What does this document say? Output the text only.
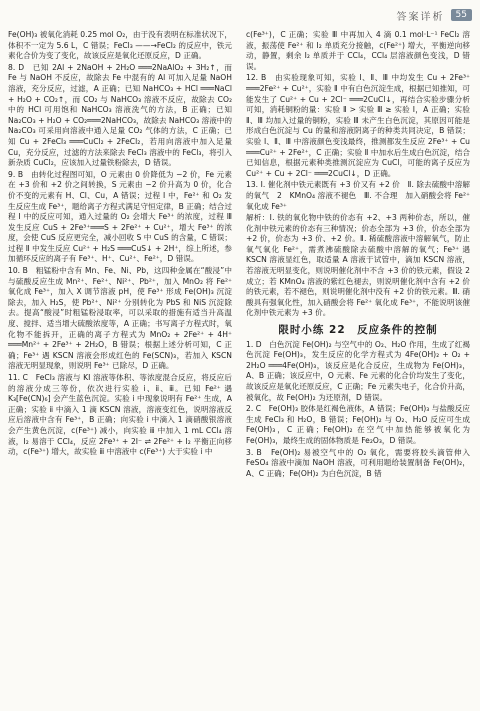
答案详析	55

Fe(OH)₃ 被氧化消耗 0.25 mol O₂，由于没有表明在标准状况下，体积不一定为 5.6 L，C 错误；FeCl₃ ——→FeCl₂ 的反应中，铁元素化合价为变了变化，故该反应是氧化还原反应，D 正确。

8. D　已知 2Al + 2NaOH + 2H₂O ═══2NaAlO₂ + 3H₂↑，而 Fe 与 NaOH 不反应，故除去 Fe 中混有的 Al 可加入足量 NaOH 溶液，充分反应，过滤，A 正确；已知 NaHCO₃ + HCl ═══NaCl + H₂O + CO₂↑，而 CO₂ 与 NaHCO₃ 溶液不反应，故除去 CO₂ 中的 HCl 可用饱和 NaHCO₃ 溶液洗气的方法，B 正确；已知 Na₂CO₃ + H₂O + CO₂═══2NaHCO₃，故除去 NaHCO₃ 溶液中的 Na₂CO₃ 可采用向溶液中通入足量 CO₂ 气体的方法，C 正确；已知 Cu + 2FeCl₃ ═══CuCl₂ + 2FeCl₂，若用向溶液中加入足量 Cu，充分反应，过滤的方法来除去 FeCl₃ 溶液中的 FeCl₃，将引入新杂质 CuCl₂，应该加入过量铁粉除去，D 错误。

9. B　由转化过程图可知，O 元素由 0 价降低为 −2 价，Fe 元素在 +3 价和 +2 价之间转换，S 元素由 −2 价升高为 0 价，化合价不变的元素有 H、Cl、Cu，A 错误；过程 Ⅰ 中，Fe²⁺ 和 O₂ 发生反应生成 Fe³⁺，题给离子方程式满足守恒定律，B 正确；结合过程 Ⅰ 中的反应可知，通入过量的 O₂ 会增大 Fe³⁺ 的浓度，过程 Ⅲ 发生反应 CuS + 2Fe³⁺═══S + 2Fe²⁺ + Cu²⁺，增大 Fe³⁺ 的浓度，会使 CuS 反应更完全，减小回收 S 中 CuS 的含量，C 错误；过程 Ⅱ 中发生反应 Cu²⁺ + H₂S ═══CuS↓ + 2H⁺，综上所述，参加循环反应的离子有 Fe³⁺、H⁺、Cu²⁺、Fe²⁺，D 错误。

10. B　粗锰粉中含有 Mn、Fe、Ni、Pb，这四种金属在“酸浸”中与硫酸反应生成 Mn²⁺、Fe²⁺、Ni²⁺、Pb²⁺，加入 MnO₂ 将 Fe²⁺ 氧化成 Fe³⁺，加入 X 调节溶液 pH，使 Fe³⁺ 形成 Fe(OH)₃ 沉淀除去，加入 H₂S，使 Pb²⁺、Ni²⁺ 分别转化为 PbS 和 NiS 沉淀除去。提高“酸浸”时粗锰粉浸取率，可以采取的措施有适当升高温度、搅拌、适当增大硫酸浓度等，A 正确；书写离子方程式时，氧化物不能拆开，正确的离子方程式为 MnO₂ + 2Fe²⁺ + 4H⁺ ═══Mn²⁺ + 2Fe³⁺ + 2H₂O，B 错误；根据上述分析可知，C 正确；Fe³⁺ 遇 KSCN 溶液会形成红色的 Fe(SCN)₃，若加入 KSCN 溶液无明显现象，则说明 Fe³⁺ 已除尽，D 正确。

11. C　FeCl₃ 溶液与 KI 溶液等体积、等浓度混合反应，将反应后的溶液分成三等份，依次进行实验 ⅰ、ⅱ、ⅲ。已知 Fe²⁺ 遇 K₃[Fe(CN)₆] 会产生蓝色沉淀。实验 ⅰ 中现象说明有 Fe²⁺ 生成，A 正确；实验 ⅱ 中滴入 1 滴 KSCN 溶液，溶液变红色，说明溶液反应后溶液中含有 Fe³⁺，B 正确；向实验 ⅰ 中滴入 1 滴硝酸银溶液会产生黄色沉淀，c(Fe³⁺) 减小，向实验 ⅲ 中加入 1 mL CCl₄ 溶液，I₂ 易溶于 CCl₄，反应 2Fe³⁺ + 2I⁻ ⇌ 2Fe²⁺ + I₂ 平衡正向移动，c(Fe³⁺) 增大，故实验 ⅲ 中溶液中 c(Fe³⁺) 大于实验 ⅰ 中

c(Fe³⁺)，C 正确；实验 Ⅲ 中再加入 4 滴 0.1 mol·L⁻¹ FeCl₂ 溶液，振荡使 Fe²⁺ 和 I₂ 单质充分接触，c(Fe²⁺) 增大，平衡逆向移动，静置，剩余 I₂ 单质并于 CCl₄，CCl₄ 层溶液颜色变浅，D 错误。

12. B　由实验现象可知，实验 Ⅰ、Ⅱ、Ⅲ 中均发生 Cu + 2Fe³⁺ ═══2Fe²⁺ + Cu²⁺，实验 Ⅱ 中有白色沉淀生成，根据已知推知，可能发生了 Cu²⁺ + Cu + 2Cl⁻ ═══2CuCl↓，再结合实验步骤分析可知，消耗铜粉的量：实验 Ⅱ > 实验 Ⅲ ≥ 实验 Ⅰ，A 正确；实验 Ⅱ、Ⅲ 均加入过量的铜粉，实验 Ⅲ 未产生白色沉淀，其原因可能是形成白色沉淀与 Cu 的量和溶液阴离子的种类共同决定，B 错误；实验 Ⅰ、Ⅱ、Ⅲ 中溶液颜色变浅最终，推测都发生反应 2Fe³⁺ + Cu ═══Cu²⁺ + 2Fe²⁺，C 正确；实验 Ⅱ 中加水后生成白色沉淀，结合已知信息，根据元素种类推测沉淀应为 CuCl，可能的离子反应为 Cu²⁺ + Cu + 2Cl⁻ ═══2CuCl↓，D 正确。

13. Ⅰ. 催化剂中铁元素既有 +3 价又有 +2 价　Ⅱ. 除去硫酸中溶解的氧气　2　KMnO₄ 溶液不褪色　Ⅲ. 不合理　加入硝酸会将 Fe²⁺ 氧化成 Fe³⁺

解析：Ⅰ. 铁的氧化物中铁的价态有 +2、+3 两种价态，所以，催化剂中铁元素的价态有三种情况；价态全部为 +3 价，价态全部为 +2 价，价态为 +3 价、+2 价。Ⅱ. 稀硫酸溶液中溶解氧气，防止氧气氧化 Fe²⁺，需煮沸硫酸除去硫酸中溶解的氧气；Fe³⁺ 遇 KSCN 溶液显红色，取适量 A 溶液于试管中，滴加 KSCN 溶液，若溶液无明显变化，则说明催化剂中不含 +3 价的铁元素，假设 2 成立；若 KMnO₄ 溶液的紫红色褪去，则说明催化剂中含有 +2 价的铁元素，若不褪色，则说明催化剂中没有 +2 价的铁元素。Ⅲ. 硝酸具有强氧化性，加入硝酸会将 Fe²⁺ 氧化成 Fe³⁺，不能说明该催化剂中铁元素为 +3 价。

限时小练 22　反应条件的控制

1. D　白色沉淀 Fe(OH)₂ 与空气中的 O₂、H₂O 作用，生成了红褐色沉淀 Fe(OH)₃，发生反应的化学方程式为 4Fe(OH)₂ + O₂ + 2H₂O ═══4Fe(OH)₃，该反应是化合反应，生成物为 Fe(OH)₃，A、B 正确；该反应中，O 元素、Fe 元素的化合价均发生了变化，故该反应是氧化还原反应，C 正确；Fe 元素失电子，化合价升高，被氧化，故 Fe(OH)₂ 为还原剂，D 错误。

2. C　Fe(OH)₃ 胶体是红褐色液体，A 错误；Fe(OH)₃ 与盐酸反应生成 FeCl₃ 和 H₂O，B 错误；Fe(OH)₂ 与 O₂、H₂O 反应可生成 Fe(OH)₃，C 正确；Fe(OH)₂ 在空气中加热能够被氧化为 Fe(OH)₃，最终生成的固体物质是 Fe₂O₃，D 错误。

3. B　Fe(OH)₂ 易被空气中的 O₂ 氧化，需要将胶头滴管伸入 FeSO₄ 溶液中滴加 NaOH 溶液，可利用题给装置制备 Fe(OH)₂，A、C 正确；Fe(OH)₂ 为白色沉淀，B 错
